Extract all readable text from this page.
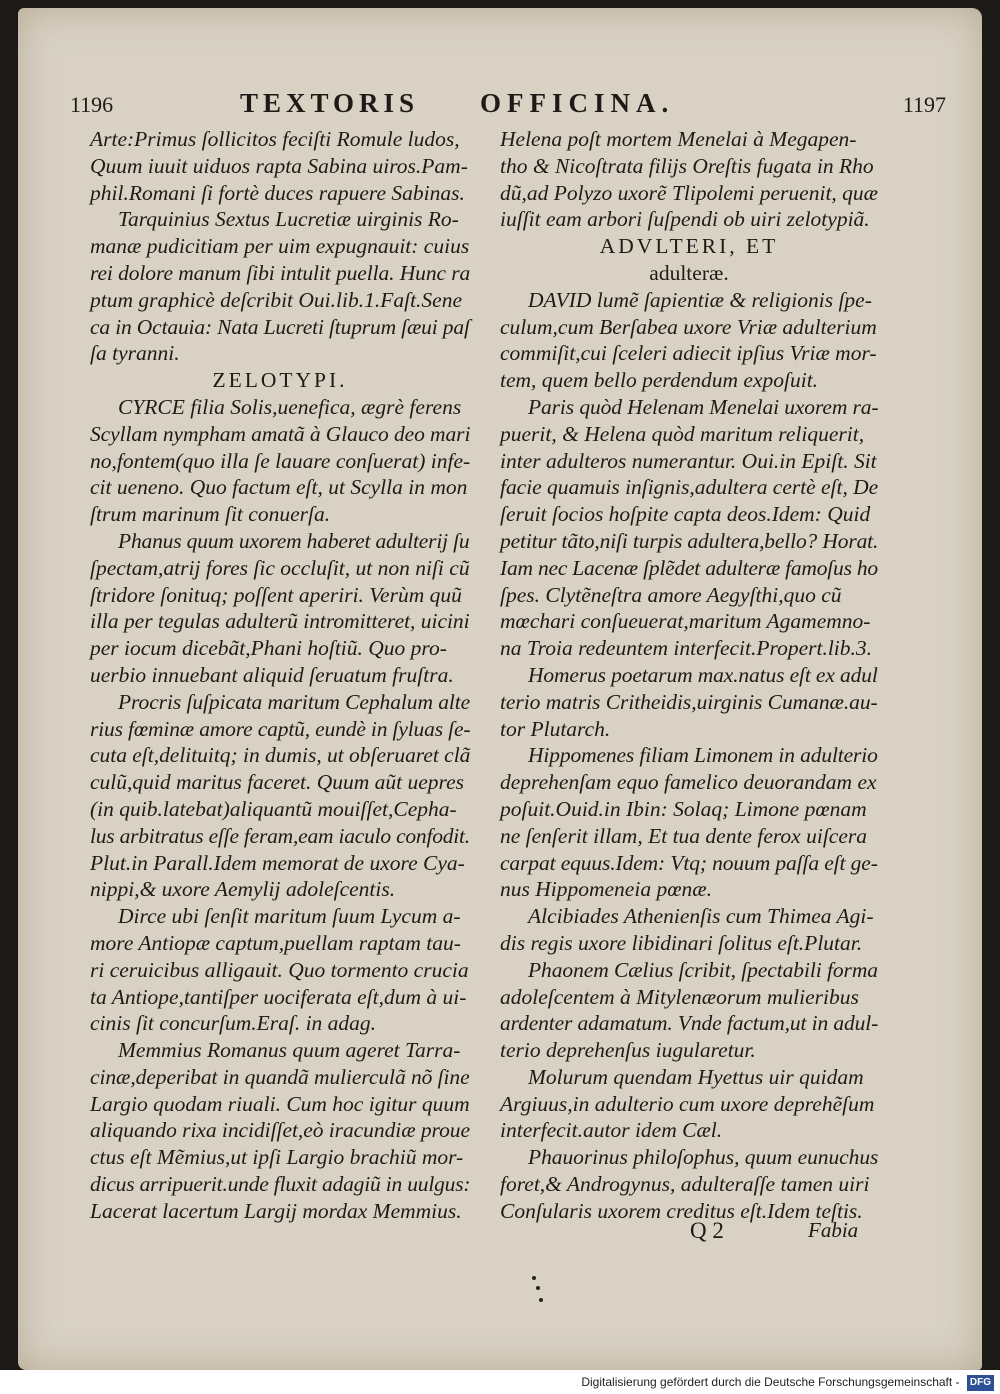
1196	TEXTORIS OFFICINA.	1197

Arte:Primus ſollicitos feciſti Romule ludos,

Quum iuuit uiduos rapta Sabina uiros.Pam-

phil.Romani ſi fortè duces rapuere Sabinas.

Tarquinius Sextus Lucretiæ uirginis Ro-

manæ pudicitiam per uim expugnauit: cuius

rei dolore manum ſibi intulit puella. Hunc ra

ptum graphicè deſcribit Oui.lib.1.Faſt.Sene

ca in Octauia: Nata Lucreti ſtuprum ſæui paſ

ſa tyranni.

ZELOTYPI.

CYRCE filia Solis,uenefica, ægrè ferens

Scyllam nympham amatã à Glauco deo mari

no,fontem(quo illa ſe lauare conſuerat) infe-

cit ueneno. Quo factum eſt, ut Scylla in mon

ſtrum marinum ſit conuerſa.

Phanus quum uxorem haberet adulterij ſu

ſpectam,atrij fores ſic occluſit, ut non niſi cũ

ſtridore ſonituq; poſſent aperiri. Verùm quũ

illa per tegulas adulterũ intromitteret, uicini

per iocum dicebãt,Phani hoſtiũ. Quo pro-

uerbio innuebant aliquid ſeruatum fruſtra.

Procris ſuſpicata maritum Cephalum alte

rius fœminæ amore captũ, eundè in ſyluas ſe-

cuta eſt,delituitq; in dumis, ut obſeruaret clã

culũ,quid maritus faceret. Quum aũt uepres

(in quib.latebat)aliquantũ mouiſſet,Cepha-

lus arbitratus eſſe feram,eam iaculo confodit.

Plut.in Parall.Idem memorat de uxore Cya-

nippi,& uxore Aemylij adoleſcentis.

Dirce ubi ſenſit maritum ſuum Lycum a-

more Antiopæ captum,puellam raptam tau-

ri ceruicibus alligauit. Quo tormento crucia

ta Antiope,tantiſper uociferata eſt,dum à ui-

cinis ſit concurſum.Eraſ. in adag.

Memmius Romanus quum ageret Tarra-

cinæ,deperibat in quandã mulierculã nõ ſine

Largio quodam riuali. Cum hoc igitur quum

aliquando rixa incidiſſet,eò iracundiæ proue

ctus eſt Mẽmius,ut ipſi Largio brachiũ mor-

dicus arripuerit.unde fluxit adagiũ in uulgus:

Lacerat lacertum Largij mordax Memmius.

Helena poſt mortem Menelai à Megapen-

tho & Nicoſtrata filijs Oreſtis fugata in Rho

dũ,ad Polyzo uxorẽ Tlipolemi peruenit, quæ

iuſſit eam arbori ſuſpendi ob uiri zelotypiã.

ADVLTERI, ET

adulteræ.

DAVID lumẽ ſapientiæ & religionis ſpe-

culum,cum Berſabea uxore Vriæ adulterium

commiſit,cui ſceleri adiecit ipſius Vriæ mor-

tem, quem bello perdendum expoſuit.

Paris quòd Helenam Menelai uxorem ra-

puerit, & Helena quòd maritum reliquerit,

inter adulteros numerantur. Oui.in Epiſt. Sit

facie quamuis inſignis,adultera certè eſt, De

ſeruit ſocios hoſpite capta deos.Idem: Quid

petitur tãto,niſi turpis adultera,bello? Horat.

Iam nec Lacenæ ſplẽdet adulteræ famoſus ho

ſpes. Clytẽneſtra amore Aegyſthi,quo cũ

mœchari conſueuerat,maritum Agamemno-

na Troia redeuntem interfecit.Propert.lib.3.

Homerus poetarum max.natus eſt ex adul

terio matris Critheidis,uirginis Cumanæ.au-

tor Plutarch.

Hippomenes filiam Limonem in adulterio

deprehenſam equo famelico deuorandam ex

poſuit.Ouid.in Ibin: Solaq; Limone pœnam

ne ſenſerit illam, Et tua dente ferox uiſcera

carpat equus.Idem: Vtq; nouum paſſa eſt ge-

nus Hippomeneia pœnæ.

Alcibiades Athenienſis cum Thimea Agi-

dis regis uxore libidinari ſolitus eſt.Plutar.

Phaonem Cælius ſcribit, ſpectabili forma

adoleſcentem à Mitylenæorum mulieribus

ardenter adamatum. Vnde factum,ut in adul-

terio deprehenſus iugularetur.

Molurum quendam Hyettus uir quidam

Argiuus,in adulterio cum uxore deprehẽſum

interfecit.autor idem Cæl.

Phauorinus philoſophus, quum eunuchus

foret,& Androgynus, adulteraſſe tamen uiri

Conſularis uxorem creditus eſt.Idem teſtis.

Q 2	Fabia
Digitalisierung gefördert durch die Deutsche Forschungsgemeinschaft - DFG
